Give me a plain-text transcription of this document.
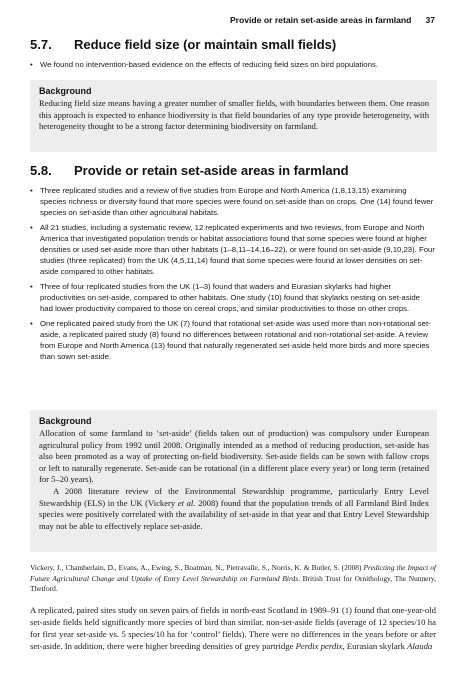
Provide or retain set-aside areas in farmland 37
5.7. Reduce field size (or maintain small fields)
• We found no intervention-based evidence on the effects of reducing field sizes on bird populations.
Background

Reducing field size means having a greater number of smaller fields, with boundaries between them. One reason this approach is expected to enhance biodiversity is that field boundaries of any type provide heterogeneity, with heterogeneity thought to be a strong factor determining biodiversity on farmland.

5.8. Provide or retain set-aside areas in farmland
• Three replicated studies and a review of five studies from Europe and North America (1,8,13,15) examining species richness or diversity found that more species were found on set-aside than on crops. One (14) found fewer species on set-aside than other agricultural habitats.
• All 21 studies, including a systematic review, 12 replicated experiments and two reviews, from Europe and North America that investigated population trends or habitat associations found that some species were found at higher densities or used set-aside more than other habitats (1–8,11–14,16–22), or were found on set-aside (9,10,23). Four studies (three replicated) from the UK (4,5,11,14) found that some species were found at lower densities on set-aside compared to other habitats.
• Three of four replicated studies from the UK (1–3) found that waders and Eurasian skylarks had higher productivities on set-aside, compared to other habitats. One study (10) found that skylarks nesting on set-aside had lower productivity compared to those on cereal crops, and similar productivities to those on other crops.
• One replicated paired study from the UK (7) found that rotational set-aside was used more than non-rotational set-aside, a replicated paired study (8) found no differences between rotational and non-rotational set-aside. A review from Europe and North America (13) found that naturally regenerated set-aside held more birds and more species than sown set-aside.
Background

Allocation of some farmland to ‘set-aside’ (fields taken out of production) was compulsory under European agricultural policy from 1992 until 2008. Originally intended as a method of reducing production, set-aside has also been promoted as a way of protecting on-field biodiversity. Set-aside fields can be sown with fallow crops or left to naturally regenerate. Set-aside can be rotational (in a different place every year) or long term (retained for 5–20 years).

A 2008 literature review of the Environmental Stewardship programme, particularly Entry Level Stewardship (ELS) in the UK (Vickery et al. 2008) found that the population trends of all Farmland Bird Index species were positively correlated with the availability of set-aside in that year and that Entry Level Stewardship may not be able to effectively replace set-aside.

Vickery, J., Chamberlain, D., Evans, A., Ewing, S., Boatman, N., Pietravalle, S., Norris, K. & Butler, S. (2008) Predicting the Impact of Future Agricultural Change and Uptake of Entry Level Stewardship on Farmland Birds. British Trust for Ornithology, The Nunnery, Thetford.

A replicated, paired sites study on seven pairs of fields in north-east Scotland in 1989–91 (1) found that one-year-old set-aside fields held significantly more species of bird than similar, non-set-aside fields (average of 12 species/10 ha for first year set-aside vs. 5 species/10 ha for ‘control’ fields). There were no differences in the years before or after set-aside. In addition, there were higher breeding densities of grey partridge Perdix perdix, Eurasian skylark Alauda
